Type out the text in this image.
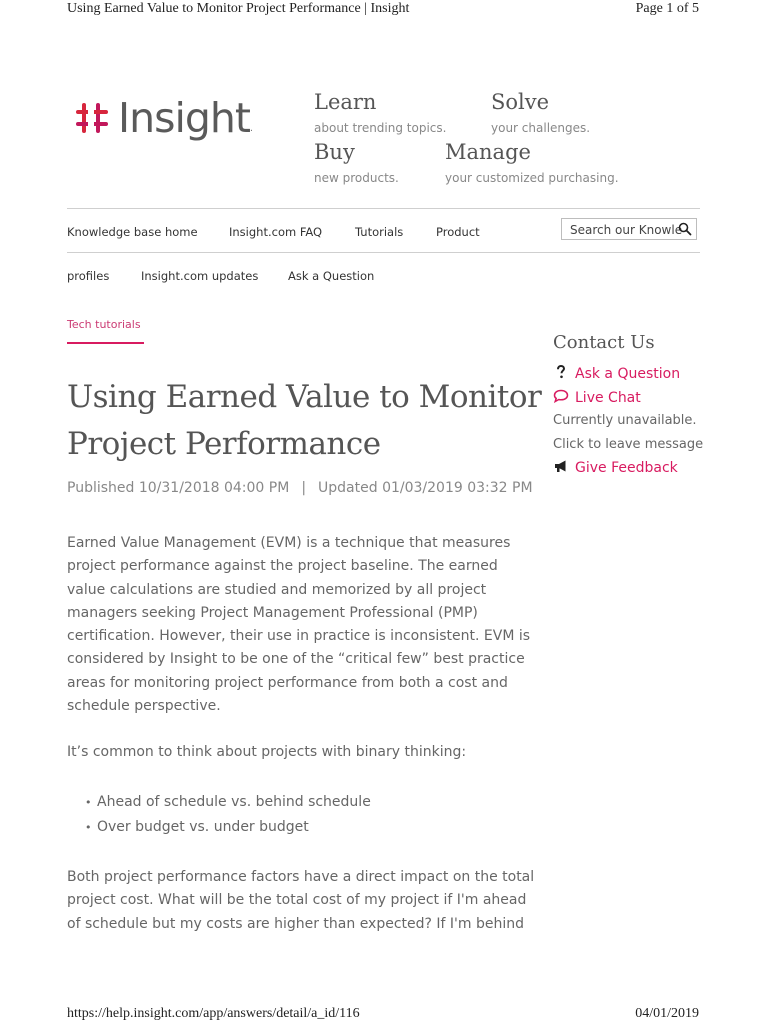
Using Earned Value to Monitor Project Performance | Insight	Page 1 of 5
Insight .
Learn
about trending topics.
Solve
your challenges.
Buy
new products.
Manage
your customized purchasing.
Knowledge base home	Insight.com FAQ	Tutorials	Product
Search our Knowledge
profiles	Insight.com updates	Ask a Question
Tech tutorials
Using Earned Value to Monitor Project Performance
Published 10/31/2018 04:00 PM | Updated 01/03/2019 03:32 PM
Earned Value Management (EVM) is a technique that measures project performance against the project baseline. The earned value calculations are studied and memorized by all project managers seeking Project Management Professional (PMP) certification. However, their use in practice is inconsistent. EVM is considered by Insight to be one of the “critical few” best practice areas for monitoring project performance from both a cost and schedule perspective.
It’s common to think about projects with binary thinking:
• Ahead of schedule vs. behind schedule
• Over budget vs. under budget
Both project performance factors have a direct impact on the total project cost. What will be the total cost of my project if I'm ahead of schedule but my costs are higher than expected? If I'm behind
Contact Us
Ask a Question
Live Chat
Currently unavailable.
Click to leave message
Give Feedback
https://help.insight.com/app/answers/detail/a_id/116	04/01/2019
